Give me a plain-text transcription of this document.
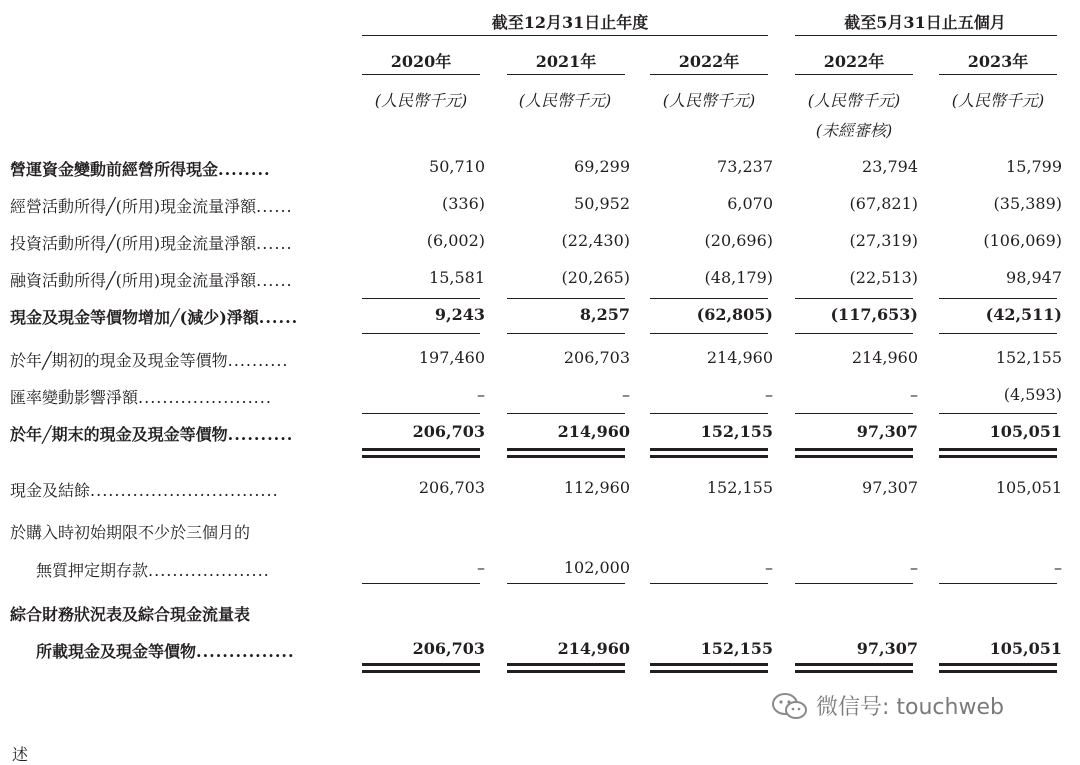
截至12月31日止年度	截至5月31日止五個月
2020年	2021年	2022年	2022年	2023年
(人民幣千元)	(人民幣千元)	(人民幣千元)	(人民幣千元)	(人民幣千元)
(未經審核)
營運資金變動前經營所得現金........	50,710	69,299	73,237	23,794	15,799
經營活動所得╱(所用)現金流量淨額......	(336)	50,952	6,070	(67,821)	(35,389)
投資活動所得╱(所用)現金流量淨額......	(6,002)	(22,430)	(20,696)	(27,319)	(106,069)
融資活動所得╱(所用)現金流量淨額......	15,581	(20,265)	(48,179)	(22,513)	98,947
現金及現金等價物增加╱(減少)淨額......	9,243	8,257	(62,805)	(117,653)	(42,511)
於年╱期初的現金及現金等價物..........	197,460	206,703	214,960	214,960	152,155
匯率變動影響淨額......................	–	–	–	–	(4,593)
於年╱期末的現金及現金等價物..........	206,703	214,960	152,155	97,307	105,051
現金及結餘...............................	206,703	112,960	152,155	97,307	105,051
於購入時初始期限不少於三個月的
無質押定期存款....................	–	102,000	–	–	–
綜合財務狀況表及綜合現金流量表
所載現金及現金等價物...............	206,703	214,960	152,155	97,307	105,051
微信号: touchweb
述
